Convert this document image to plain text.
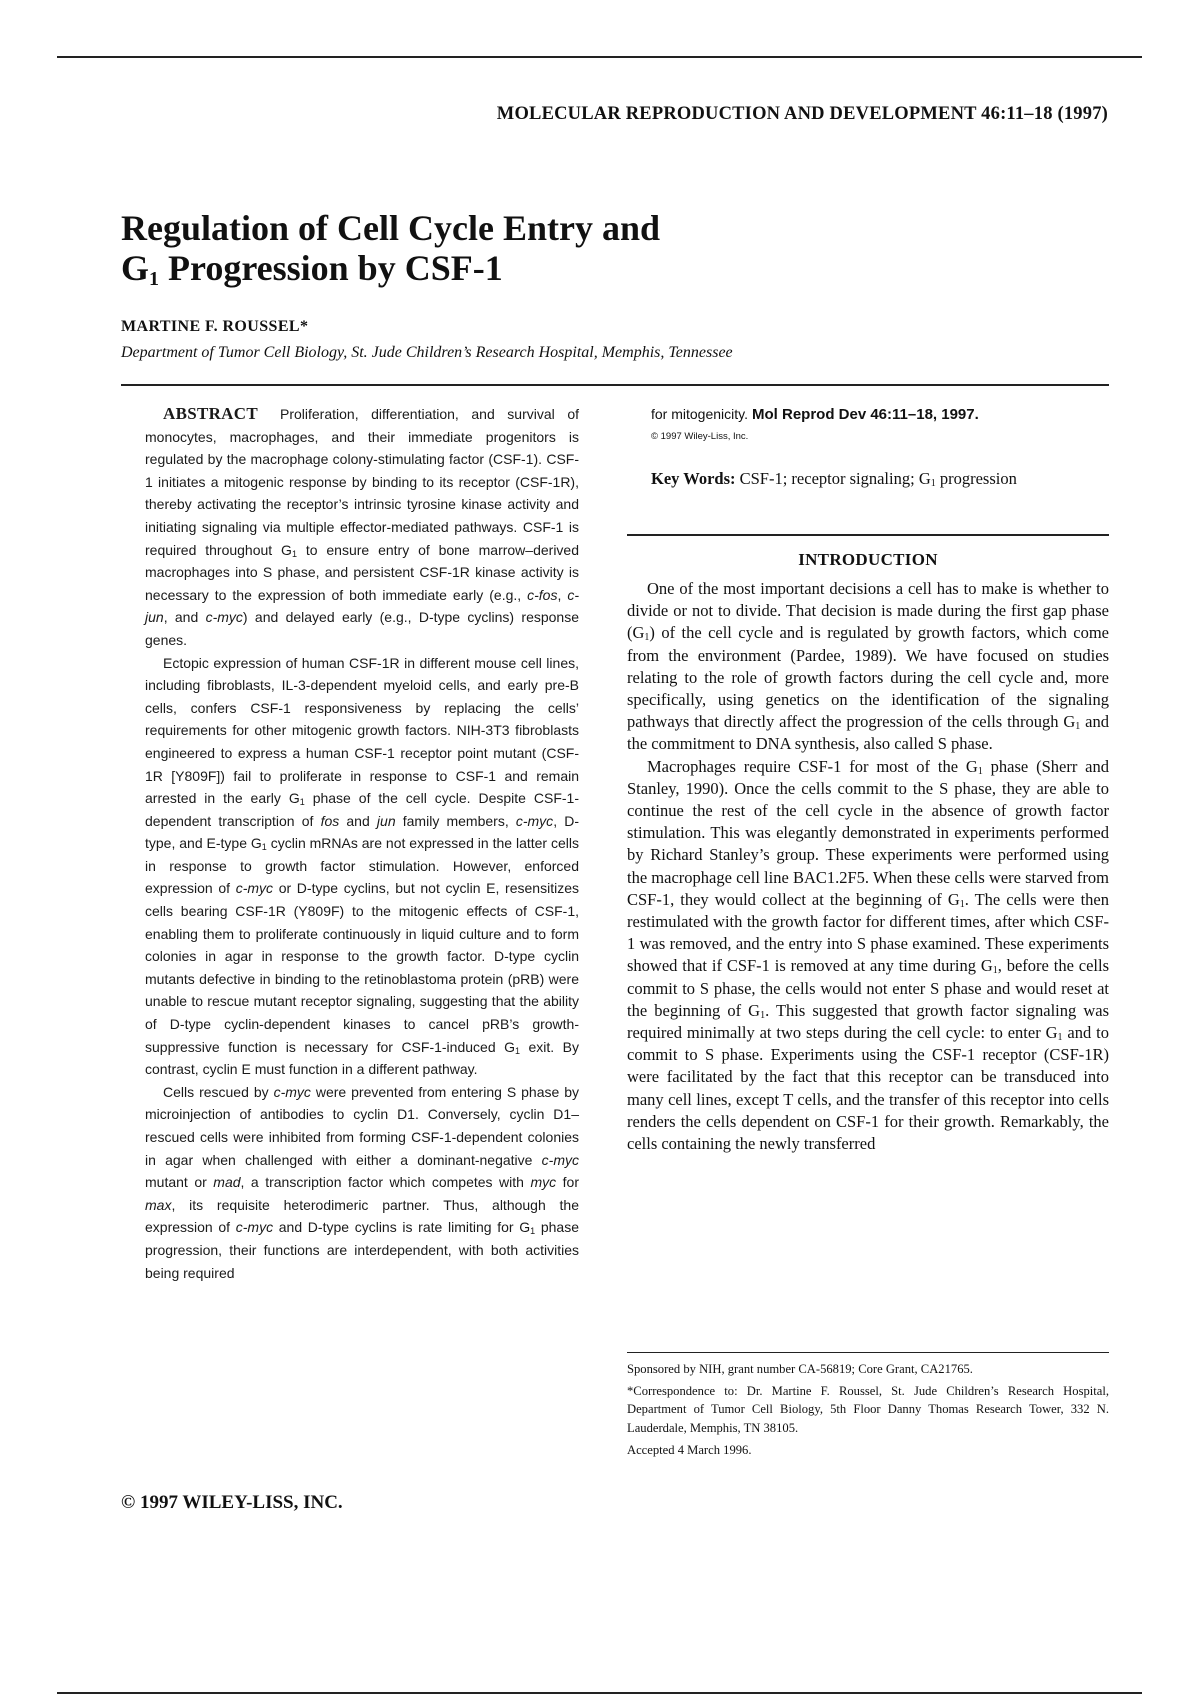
MOLECULAR REPRODUCTION AND DEVELOPMENT 46:11–18 (1997)
Regulation of Cell Cycle Entry and
$G_1$ Progression by CSF-1
MARTINE F. ROUSSEL*
Department of Tumor Cell Biology, St. Jude Children’s Research Hospital, Memphis, Tennessee

ABSTRACT Proliferation, differentiation, and survival of monocytes, macrophages, and their immediate progenitors is regulated by the macrophage colony-stimulating factor (CSF-1). CSF-1 initiates a mitogenic response by binding to its receptor (CSF-1R), thereby activating the receptor’s intrinsic tyrosine kinase activity and initiating signaling via multiple effector-mediated pathways. CSF-1 is required throughout $G_1$ to ensure entry of bone marrow–derived macrophages into S phase, and persistent CSF-1R kinase activity is necessary to the expression of both immediate early (e.g., c-fos, c-jun, and c-myc) and delayed early (e.g., D-type cyclins) response genes.

Ectopic expression of human CSF-1R in different mouse cell lines, including fibroblasts, IL-3-dependent myeloid cells, and early pre-B cells, confers CSF-1 responsiveness by replacing the cells’ requirements for other mitogenic growth factors. NIH-3T3 fibroblasts engineered to express a human CSF-1 receptor point mutant (CSF-1R [Y809F]) fail to proliferate in response to CSF-1 and remain arrested in the early $G_1$ phase of the cell cycle. Despite CSF-1-dependent transcription of fos and jun family members, c-myc, D-type, and E-type $G_1$ cyclin mRNAs are not expressed in the latter cells in response to growth factor stimulation. However, enforced expression of c-myc or D-type cyclins, but not cyclin E, resensitizes cells bearing CSF-1R (Y809F) to the mitogenic effects of CSF-1, enabling them to proliferate continuously in liquid culture and to form colonies in agar in response to the growth factor. D-type cyclin mutants defective in binding to the retinoblastoma protein (pRB) were unable to rescue mutant receptor signaling, suggesting that the ability of D-type cyclin-dependent kinases to cancel pRB’s growth-suppressive function is necessary for CSF-1-induced $G_1$ exit. By contrast, cyclin E must function in a different pathway.

Cells rescued by c-myc were prevented from entering S phase by microinjection of antibodies to cyclin D1. Conversely, cyclin D1–rescued cells were inhibited from forming CSF-1-dependent colonies in agar when challenged with either a dominant-negative c-myc mutant or mad, a transcription factor which competes with myc for max, its requisite heterodimeric partner. Thus, although the expression of c-myc and D-type cyclins is rate limiting for $G_1$ phase progression, their functions are interdependent, with both activities being required

© 1997 WILEY-LISS, INC.
for mitogenicity. Mol Reprod Dev 46:11–18, 1997.
© 1997 Wiley-Liss, Inc.
Key Words: CSF-1; receptor signaling; $G_1$ progression
INTRODUCTION

One of the most important decisions a cell has to make is whether to divide or not to divide. That decision is made during the first gap phase $(G_1)$ of the cell cycle and is regulated by growth factors, which come from the environment (Pardee, 1989). We have focused on studies relating to the role of growth factors during the cell cycle and, more specifically, using genetics on the identification of the signaling pathways that directly affect the progression of the cells through $G_1$ and the commitment to DNA synthesis, also called S phase.

Macrophages require CSF-1 for most of the $G_1$ phase (Sherr and Stanley, 1990). Once the cells commit to the S phase, they are able to continue the rest of the cell cycle in the absence of growth factor stimulation. This was elegantly demonstrated in experiments performed by Richard Stanley’s group. These experiments were performed using the macrophage cell line BAC1.2F5. When these cells were starved from CSF-1, they would collect at the beginning of $G_1$. The cells were then restimulated with the growth factor for different times, after which CSF-1 was removed, and the entry into S phase examined. These experiments showed that if CSF-1 is removed at any time during $G_1$, before the cells commit to S phase, the cells would not enter S phase and would reset at the beginning of $G_1$. This suggested that growth factor signaling was required minimally at two steps during the cell cycle: to enter $G_1$ and to commit to S phase. Experiments using the CSF-1 receptor (CSF-1R) were facilitated by the fact that this receptor can be transduced into many cell lines, except T cells, and the transfer of this receptor into cells renders the cells dependent on CSF-1 for their growth. Remarkably, the cells containing the newly transferred

Sponsored by NIH, grant number CA-56819; Core Grant, CA21765.

*Correspondence to: Dr. Martine F. Roussel, St. Jude Children’s Research Hospital, Department of Tumor Cell Biology, 5th Floor Danny Thomas Research Tower, 332 N. Lauderdale, Memphis, TN 38105.

Accepted 4 March 1996.
